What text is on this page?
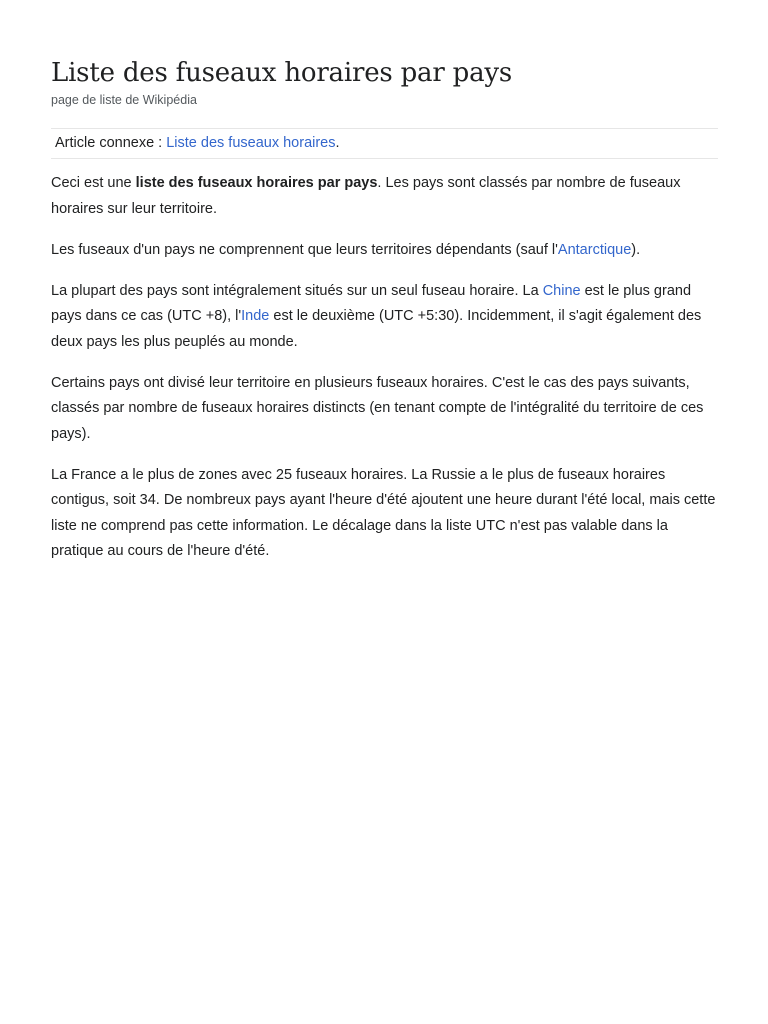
Liste des fuseaux horaires par pays
page de liste de Wikipédia
Article connexe : Liste des fuseaux horaires.

Ceci est une liste des fuseaux horaires par pays. Les pays sont classés par nombre de fuseaux horaires sur leur territoire.

Les fuseaux d'un pays ne comprennent que leurs territoires dépendants (sauf l'Antarctique).

La plupart des pays sont intégralement situés sur un seul fuseau horaire. La Chine est le plus grand pays dans ce cas (UTC +8), l'Inde est le deuxième (UTC +5:30). Incidemment, il s'agit également des deux pays les plus peuplés au monde.

Certains pays ont divisé leur territoire en plusieurs fuseaux horaires. C'est le cas des pays suivants, classés par nombre de fuseaux horaires distincts (en tenant compte de l'intégralité du territoire de ces pays).

La France a le plus de zones avec 25 fuseaux horaires. La Russie a le plus de fuseaux horaires contigus, soit 34. De nombreux pays ayant l'heure d'été ajoutent une heure durant l'été local, mais cette liste ne comprend pas cette information. Le décalage dans la liste UTC n'est pas valable dans la pratique au cours de l'heure d'été.
